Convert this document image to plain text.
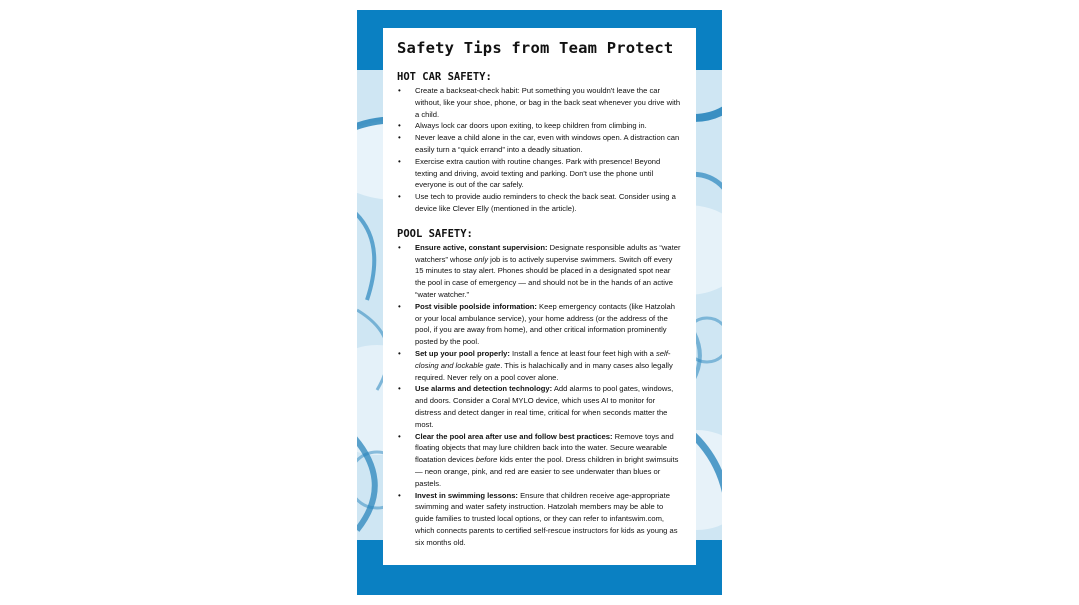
Safety Tips from Team Protect
HOT CAR SAFETY:
• Create a backseat-check habit: Put something you wouldn't leave the car without, like your shoe, phone, or bag in the back seat whenever you drive with a child.
• Always lock car doors upon exiting, to keep children from climbing in.
• Never leave a child alone in the car, even with windows open. A distraction can easily turn a “quick errand” into a deadly situation.
• Exercise extra caution with routine changes. Park with presence! Beyond texting and driving, avoid texting and parking. Don't use the phone until everyone is out of the car safely.
• Use tech to provide audio reminders to check the back seat. Consider using a device like Clever Elly (mentioned in the article).
POOL SAFETY:
• Ensure active, constant supervision: Designate responsible adults as “water watchers” whose only job is to actively supervise swimmers. Switch off every 15 minutes to stay alert. Phones should be placed in a designated spot near the pool in case of emergency — and should not be in the hands of an active “water watcher.”
• Post visible poolside information: Keep emergency contacts (like Hatzolah or your local ambulance service), your home address (or the address of the pool, if you are away from home), and other critical information prominently posted by the pool.
• Set up your pool properly: Install a fence at least four feet high with a self-closing and lockable gate. This is halachically and in many cases also legally required. Never rely on a pool cover alone.
• Use alarms and detection technology: Add alarms to pool gates, windows, and doors. Consider a Coral MYLO device, which uses AI to monitor for distress and detect danger in real time, critical for when seconds matter the most.
• Clear the pool area after use and follow best practices: Remove toys and floating objects that may lure children back into the water. Secure wearable floatation devices before kids enter the pool. Dress children in bright swimsuits — neon orange, pink, and red are easier to see underwater than blues or pastels.
• Invest in swimming lessons: Ensure that children receive age-appropriate swimming and water safety instruction. Hatzolah members may be able to guide families to trusted local options, or they can refer to infantswim.com, which connects parents to certified self-rescue instructors for kids as young as six months old.
